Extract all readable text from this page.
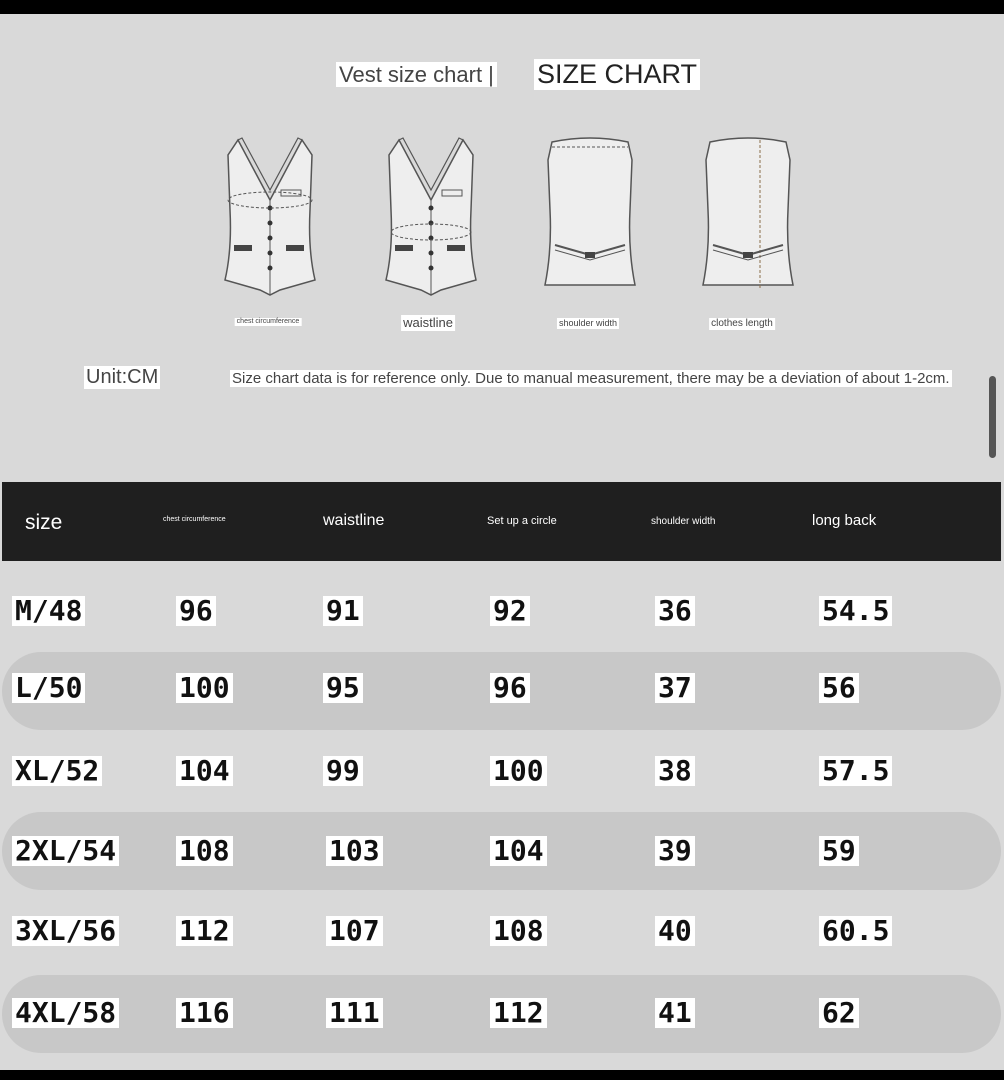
Vest size chart | SIZE CHART
chest circumference	waistline	shoulder width	clothes length
Unit:CM	Size chart data is for reference only. Due to manual measurement, there may be a deviation of about 1-2cm.
size	chest circumference	waistline	Set up a circle	shoulder width	long back
M/48	96	91	92	36	54.5
L/50	100	95	96	37	56
XL/52	104	99	100	38	57.5
2XL/54 108	103	104	39	59
3XL/56 112	107	108	40	60.5
4XL/58 116	111	112	41	62
